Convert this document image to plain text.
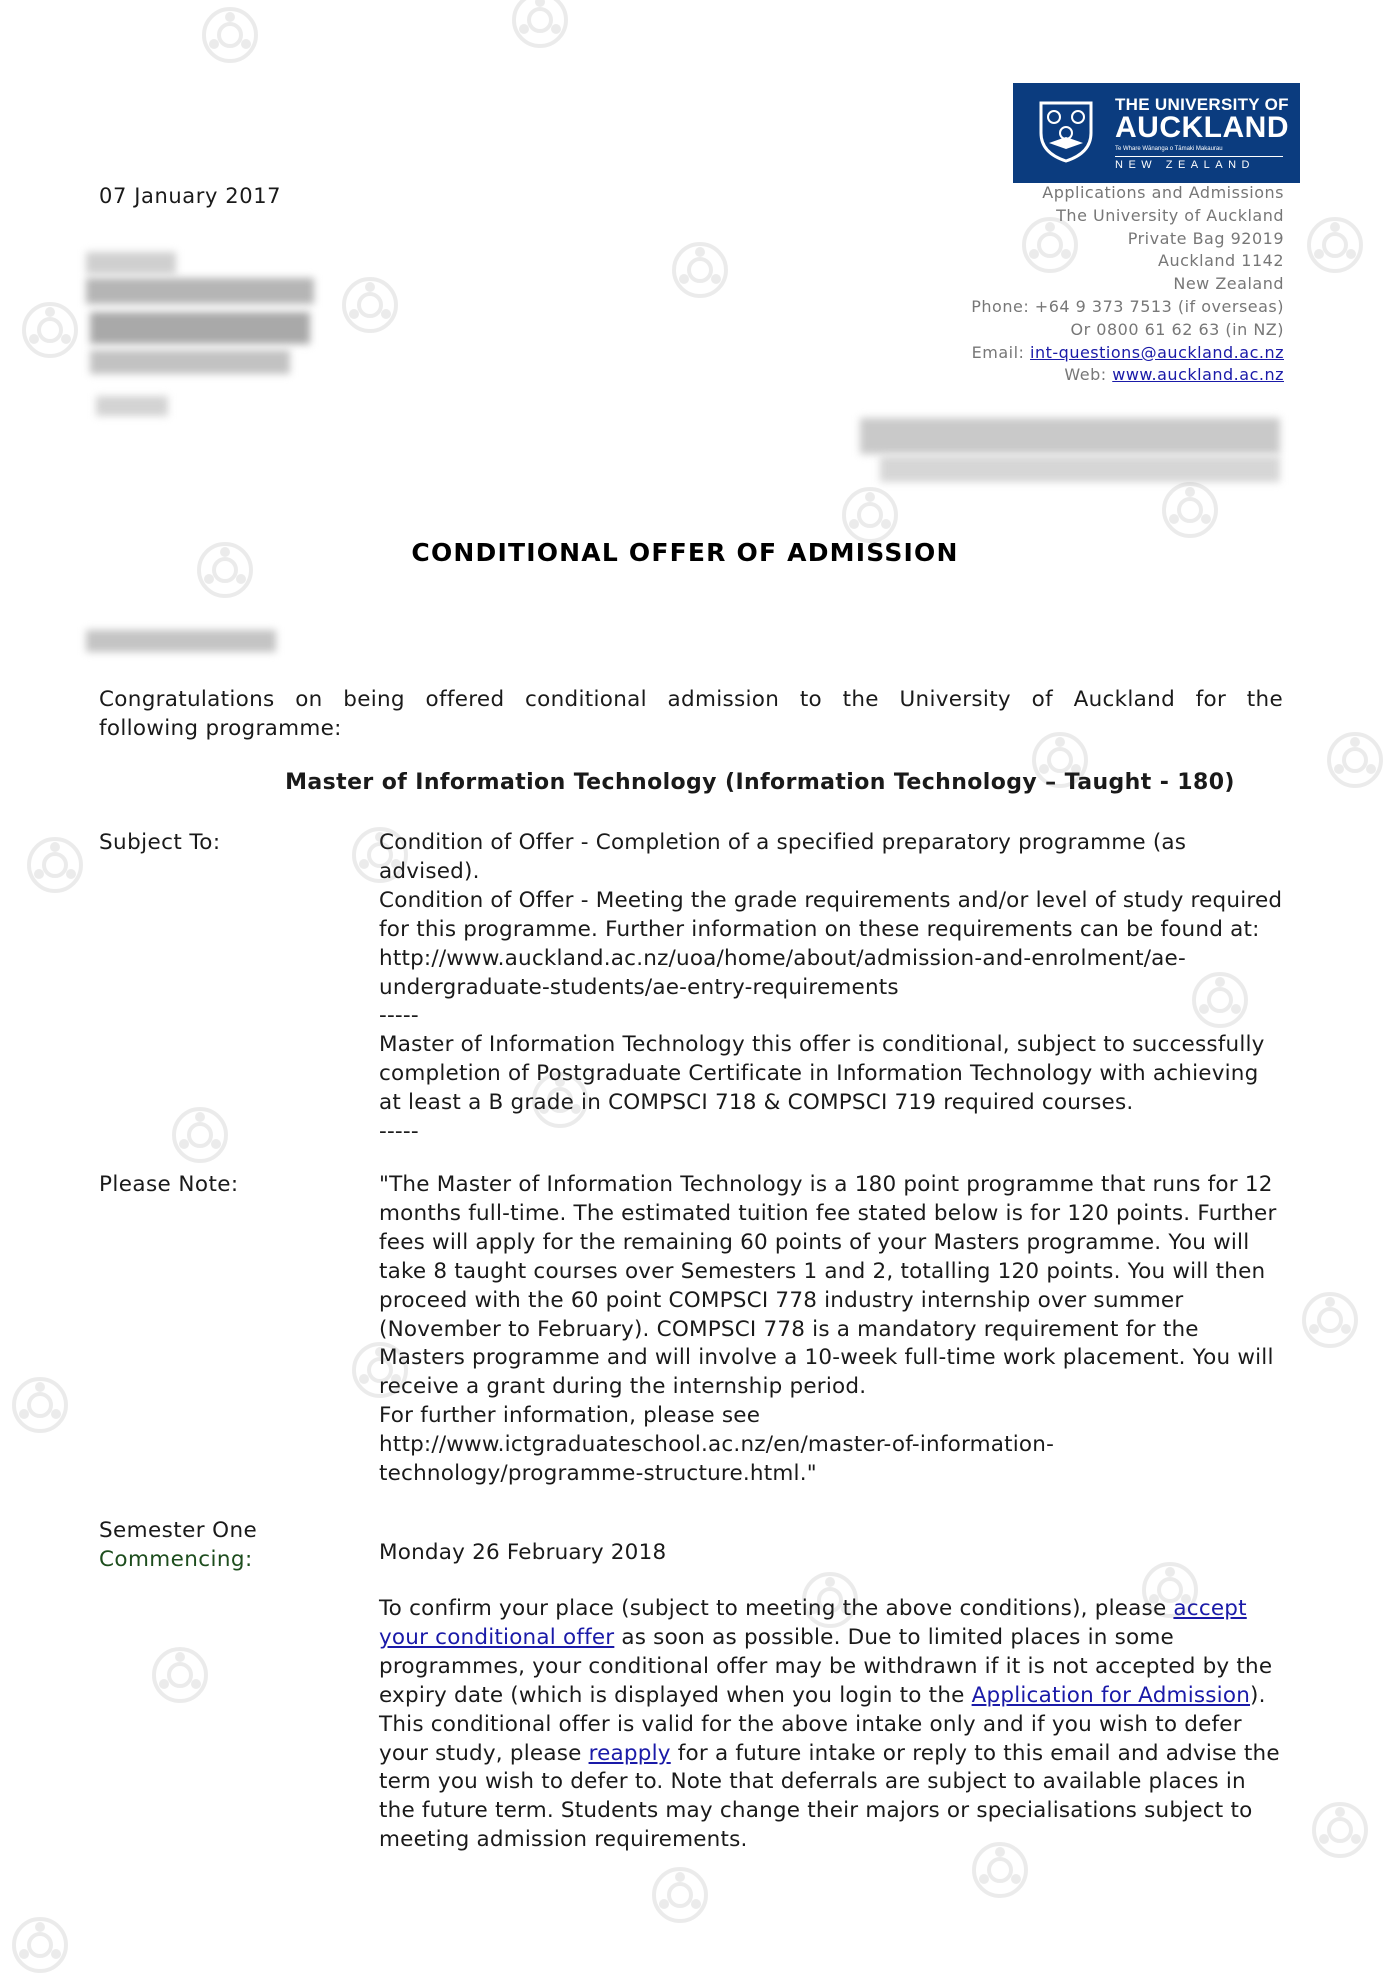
THE UNIVERSITY OF
AUCKLAND
Te Whare Wānanga o Tāmaki Makaurau
NEW ZEALAND
Applications and Admissions
The University of Auckland
Private Bag 92019
Auckland 1142
New Zealand
Phone: +64 9 373 7513 (if overseas)
Or 0800 61 62 63 (in NZ)
Email: int-questions@auckland.ac.nz
Web: www.auckland.ac.nz
07 January 2017
CONDITIONAL OFFER OF ADMISSION
Congratulations on being offered conditional admission to the University of Auckland for the
following programme:
Master of Information Technology (Information Technology – Taught - 180)
Subject To:	Condition of Offer - Completion of a specified preparatory programme (as advised).

Condition of Offer - Meeting the grade requirements and/or level of study required for this programme. Further information on these requirements can be found at: http://www.auckland.ac.nz/uoa/home/about/admission-and-enrolment/ae-undergraduate-students/ae-entry-requirements

-----

Master of Information Technology this offer is conditional, subject to successfully completion of Postgraduate Certificate in Information Technology with achieving at least a B grade in COMPSCI 718 & COMPSCI 719 required courses.

-----

Please Note:	"The Master of Information Technology is a 180 point programme that runs for 12 months full-time. The estimated tuition fee stated below is for 120 points. Further fees will apply for the remaining 60 points of your Masters programme. You will take 8 taught courses over Semesters 1 and 2, totalling 120 points. You will then proceed with the 60 point COMPSCI 778 industry internship over summer (November to February). COMPSCI 778 is a mandatory requirement for the Masters programme and will involve a 10-week full-time work placement. You will receive a grant during the internship period.

For further information, please see

http://www.ictgraduateschool.ac.nz/en/master-of-information-technology/programme-structure.html."

Semester One
Commencing:	Monday 26 February 2018
To confirm your place (subject to meeting the above conditions), please accept your conditional offer as soon as possible. Due to limited places in some programmes, your conditional offer may be withdrawn if it is not accepted by the expiry date (which is displayed when you login to the Application for Admission). This conditional offer is valid for the above intake only and if you wish to defer your study, please reapply for a future intake or reply to this email and advise the term you wish to defer to. Note that deferrals are subject to available places in the future term. Students may change their majors or specialisations subject to meeting admission requirements.
